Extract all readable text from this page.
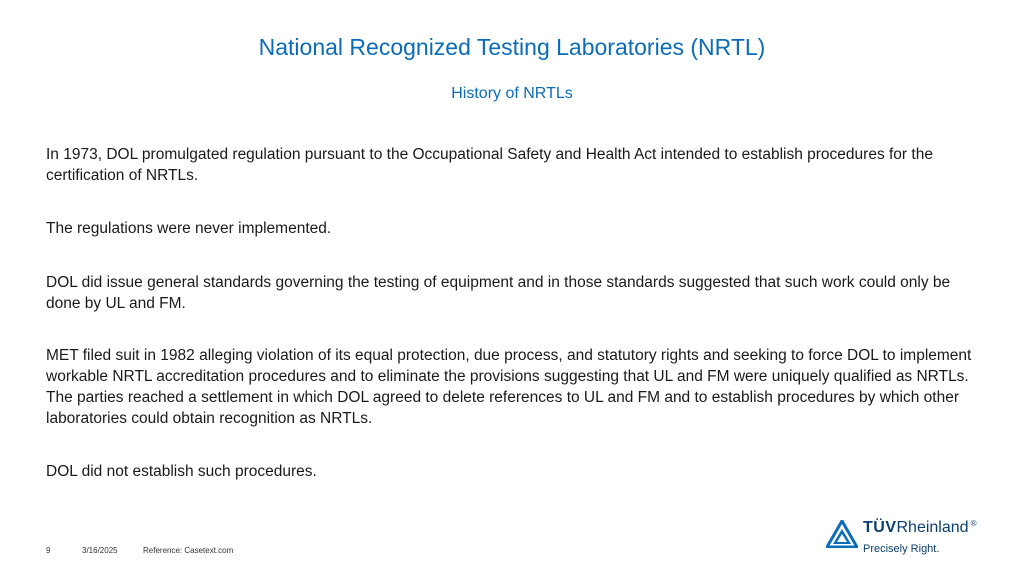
National Recognized Testing Laboratories (NRTL)
History of NRTLs
In 1973, DOL promulgated regulation pursuant to the Occupational Safety and Health Act intended to establish procedures for the certification of NRTLs.
The regulations were never implemented.
DOL did issue general standards governing the testing of equipment and in those standards suggested that such work could only be done by UL and FM.
MET filed suit in 1982 alleging violation of its equal protection, due process, and statutory rights and seeking to force DOL to implement workable NRTL accreditation procedures and to eliminate the provisions suggesting that UL and FM were uniquely qualified as NRTLs. The parties reached a settlement in which DOL agreed to delete references to UL and FM and to establish procedures by which other laboratories could obtain recognition as NRTLs.
DOL did not establish such procedures.
9	3/16/2025	Reference: Casetext.com
TÜVRheinland ®
Precisely Right.
